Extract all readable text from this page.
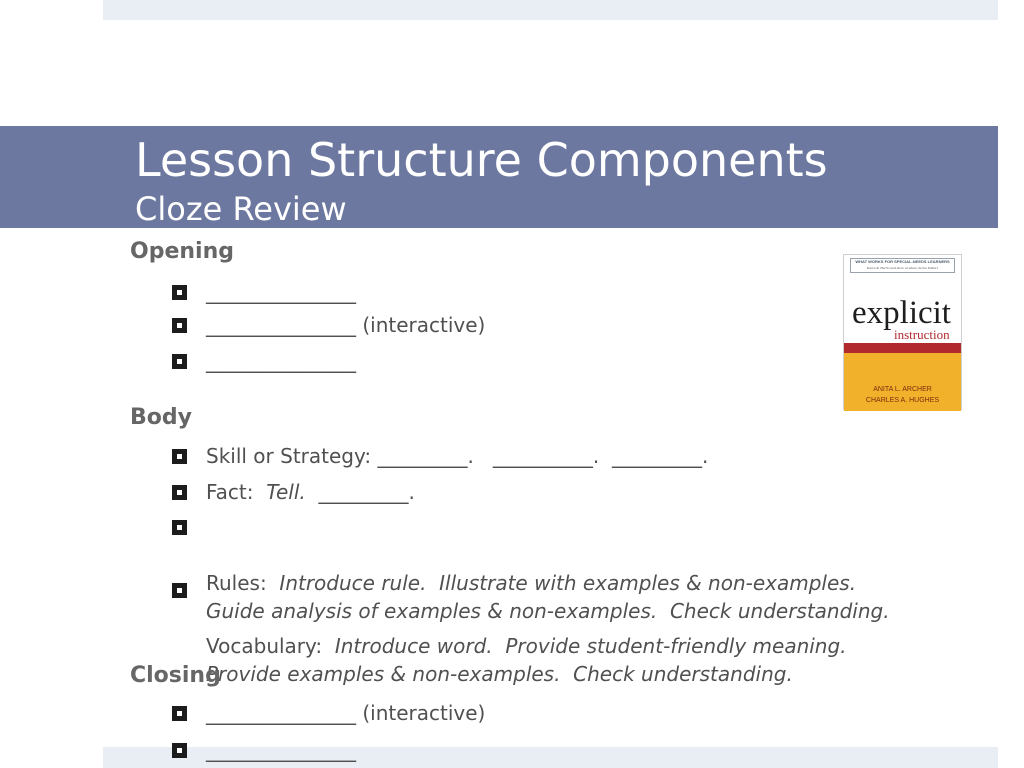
Lesson Structure Components
Cloze Review
Opening
_______________
_______________ (interactive)
_______________
Body
Skill or Strategy: _________.   __________.  _________.
Fact:  Tell.  _________.

Rules:  Introduce rule.  Illustrate with examples & non-examples.
Guide analysis of examples & non-examples.  Check understanding.

Vocabulary:  Introduce word.  Provide student-friendly meaning.
Provide examples & non-examples.  Check understanding.

Closing
_______________ (interactive)
_______________
WHAT WORKS FOR SPECIAL-NEEDS LEARNERS
Karen R. Harris and Steve Graham, Series Editors
explicit
instruction
ANITA L. ARCHER
CHARLES A. HUGHES
